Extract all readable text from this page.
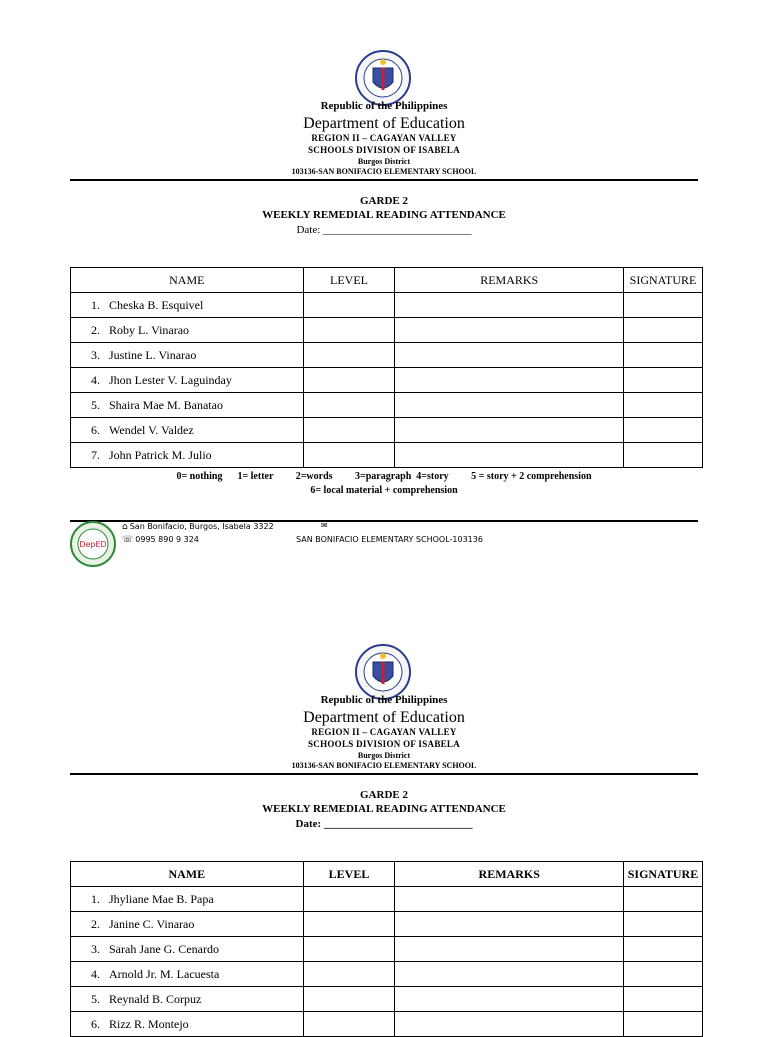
Republic of the Philippines
Department of Education
REGION II – CAGAYAN VALLEY
SCHOOLS DIVISION OF ISABELA
Burgos District
103136-SAN BONIFACIO ELEMENTARY SCHOOL
GARDE 2
WEEKLY REMEDIAL READING ATTENDANCE
Date: ___________________________
NAME	LEVEL	REMARKS	SIGNATURE
1. Cheska B. Esquivel			
2. Roby L. Vinarao			
3. Justine L. Vinarao			
4. Jhon Lester V. Laguinday			
5. Shaira Mae M. Banatao			
6. Wendel V. Valdez			
7. John Patrick M. Julio			
0= nothing      1= letter         2=words         3=paragraph  4=story         5 = story + 2 comprehension
6= local material + comprehension
DepED
⌂ San Bonifacio, Burgos, Isabela 3322
☏ 0995 890 9 324
✉
SAN BONIFACIO ELEMENTARY SCHOOL-103136
Republic of the Philippines
Department of Education
REGION II – CAGAYAN VALLEY
SCHOOLS DIVISION OF ISABELA
Burgos District
103136-SAN BONIFACIO ELEMENTARY SCHOOL
GARDE 2
WEEKLY REMEDIAL READING ATTENDANCE
Date: ___________________________
NAME	LEVEL	REMARKS	SIGNATURE
1. Jhyliane Mae B. Papa			
2. Janine C. Vinarao			
3. Sarah Jane G. Cenardo			
4. Arnold Jr. M. Lacuesta			
5. Reynald B. Corpuz			
6. Rizz R. Montejo			
